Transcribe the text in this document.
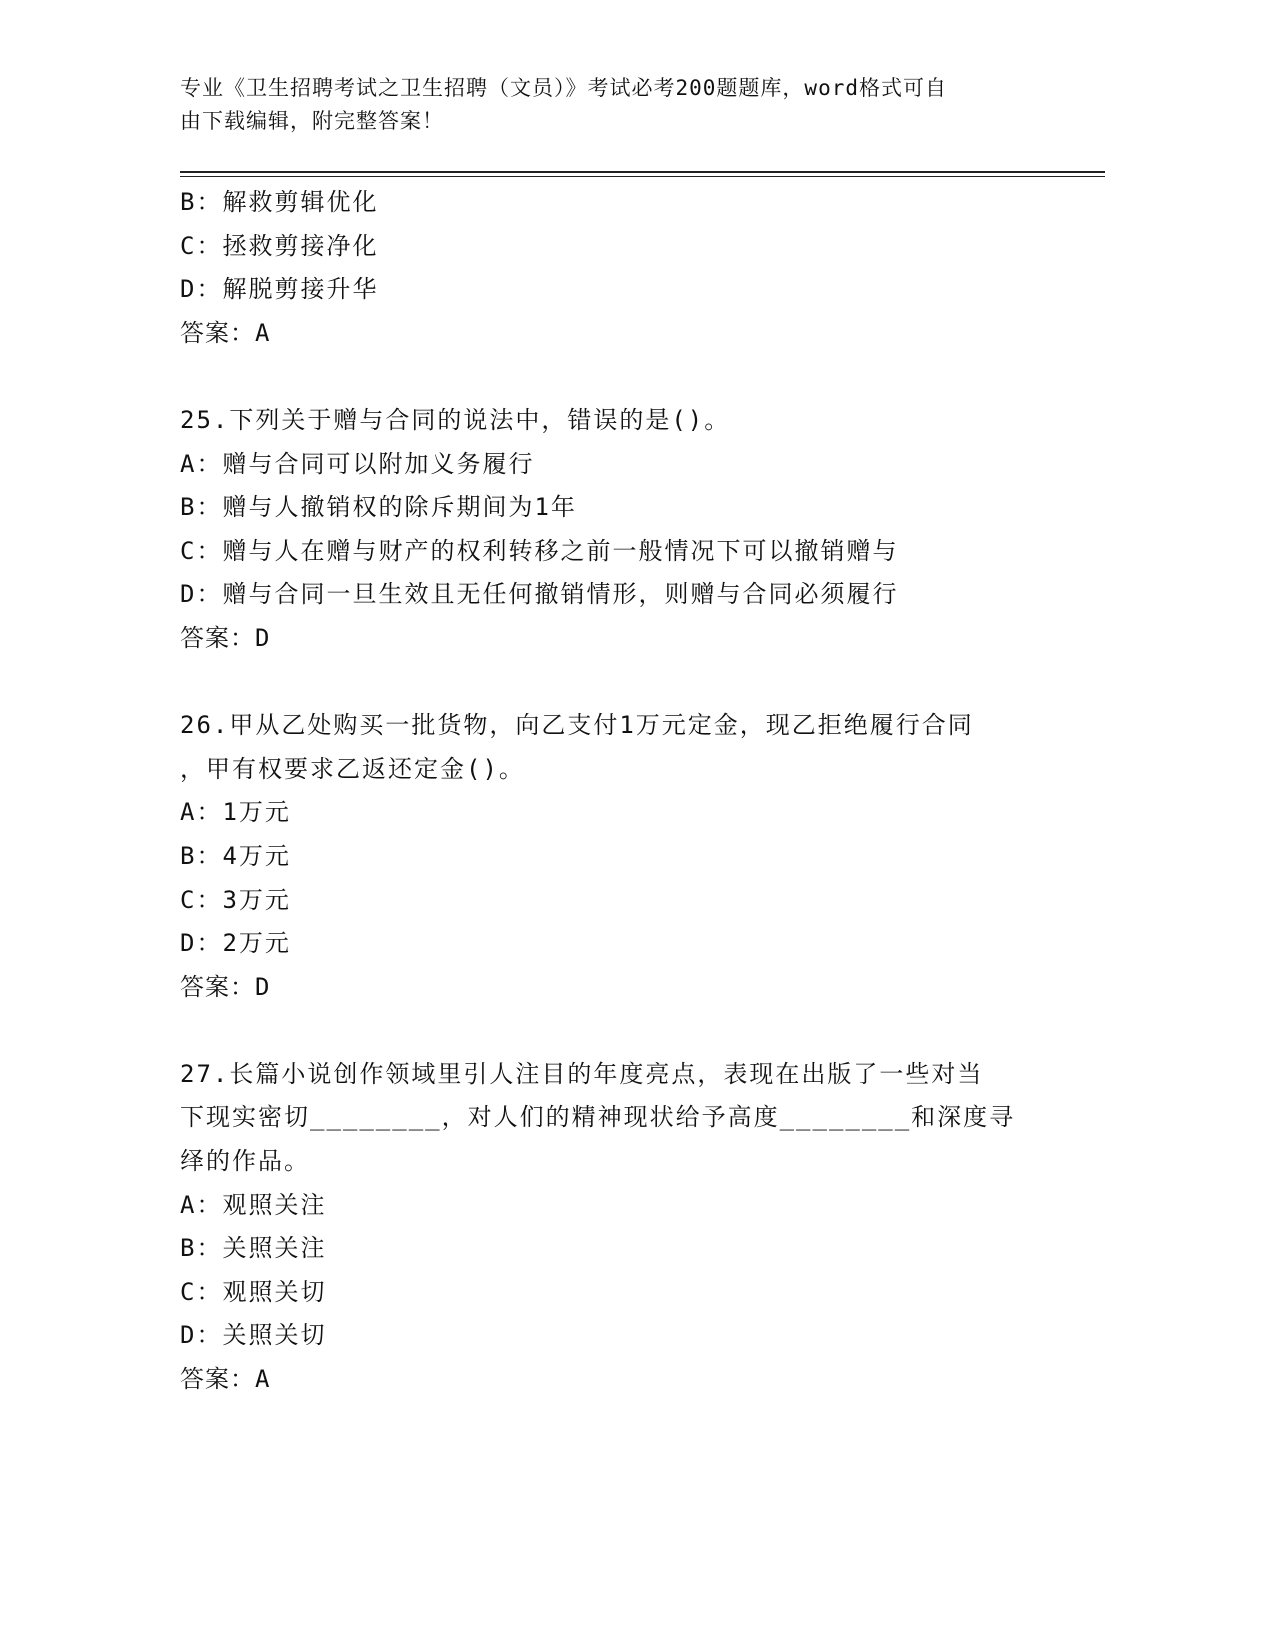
专业《卫生招聘考试之卫生招聘（文员）》考试必考200题题库，word格式可自
由下载编辑，附完整答案！
B：解救剪辑优化
C：拯救剪接净化
D：解脱剪接升华
答案：A
25.下列关于赠与合同的说法中，错误的是()。
A：赠与合同可以附加义务履行
B：赠与人撤销权的除斥期间为1年
C：赠与人在赠与财产的权利转移之前一般情况下可以撤销赠与
D：赠与合同一旦生效且无任何撤销情形，则赠与合同必须履行
答案：D
26.甲从乙处购买一批货物，向乙支付1万元定金，现乙拒绝履行合同
，甲有权要求乙返还定金()。
A：1万元
B：4万元
C：3万元
D：2万元
答案：D
27.长篇小说创作领域里引人注目的年度亮点，表现在出版了一些对当
下现实密切________，对人们的精神现状给予高度________和深度寻
绎的作品。
A：观照关注
B：关照关注
C：观照关切
D：关照关切
答案：A
